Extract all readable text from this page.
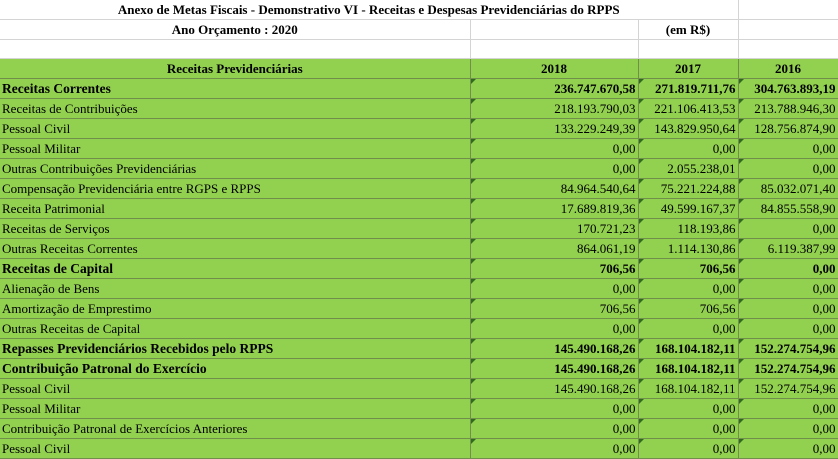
Anexo de Metas Fiscais - Demonstrativo VI - Receitas e Despesas Previdenciárias do RPPS			
Ano Orçamento : 2020		(em R$)	

Receitas Previdenciárias	2018	2017	2016
Receitas Correntes	236.747.670,58	271.819.711,76	304.763.893,19
Receitas de Contribuições	218.193.790,03	221.106.413,53	213.788.946,30
Pessoal Civil	133.229.249,39	143.829.950,64	128.756.874,90
Pessoal Militar	0,00	0,00	0,00
Outras Contribuições Previdenciárias	0,00	2.055.238,01	0,00
Compensação Previdenciária entre RGPS e RPPS	84.964.540,64	75.221.224,88	85.032.071,40
Receita Patrimonial	17.689.819,36	49.599.167,37	84.855.558,90
Receitas de Serviços	170.721,23	118.193,86	0,00
Outras Receitas Correntes	864.061,19	1.114.130,86	6.119.387,99
Receitas de Capital	706,56	706,56	0,00
Alienação de Bens	0,00	0,00	0,00
Amortização de Emprestimo	706,56	706,56	0,00
Outras Receitas de Capital	0,00	0,00	0,00
Repasses Previdenciários Recebidos pelo RPPS	145.490.168,26	168.104.182,11	152.274.754,96
Contribuição Patronal do Exercício	145.490.168,26	168.104.182,11	152.274.754,96
Pessoal Civil	145.490.168,26	168.104.182,11	152.274.754,96
Pessoal Militar	0,00	0,00	0,00
Contribuição Patronal de Exercícios Anteriores	0,00	0,00	0,00
Pessoal Civil	0,00	0,00	0,00
